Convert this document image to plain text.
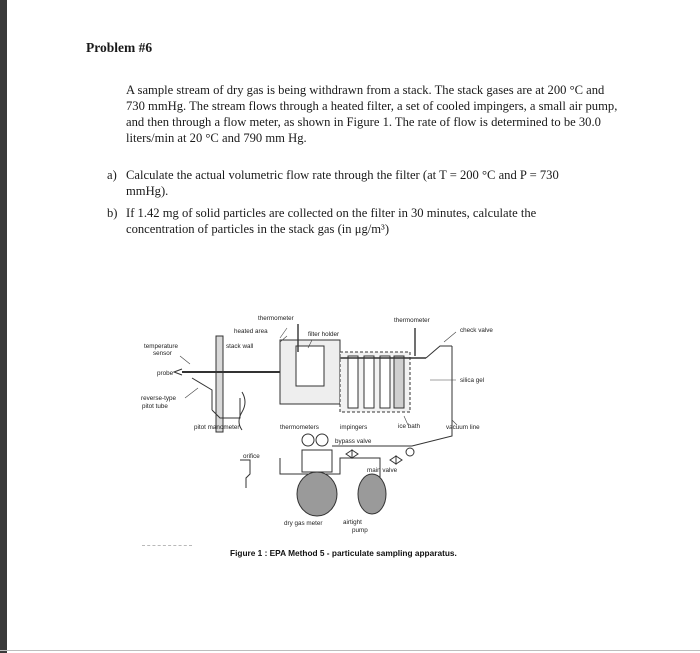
Problem #6
A sample stream of dry gas is being withdrawn from a stack. The stack gases are at 200 °C and 730 mmHg. The stream flows through a heated filter, a set of cooled impingers, a small air pump, and then through a flow meter, as shown in Figure 1. The rate of flow is determined to be 30.0 liters/min at 20 °C and 790 mm Hg.
a) Calculate the actual volumetric flow rate through the filter (at T = 200 °C and P = 730 mmHg).
b) If 1.42 mg of solid particles are collected on the filter in 30 minutes, calculate the concentration of particles in the stack gas (in μg/m³)
thermometer	thermometer
heated area	filter holder
check valve
temperature
sensor
stack wall
probe
silica gel
reverse-type
pitot tube
pitot manometer	thermometers	impingers	ice bath	vacuum line
bypass valve
orifice
main valve
dry gas meter	airtight
pump
Figure 1 : EPA Method 5 - particulate sampling apparatus.
